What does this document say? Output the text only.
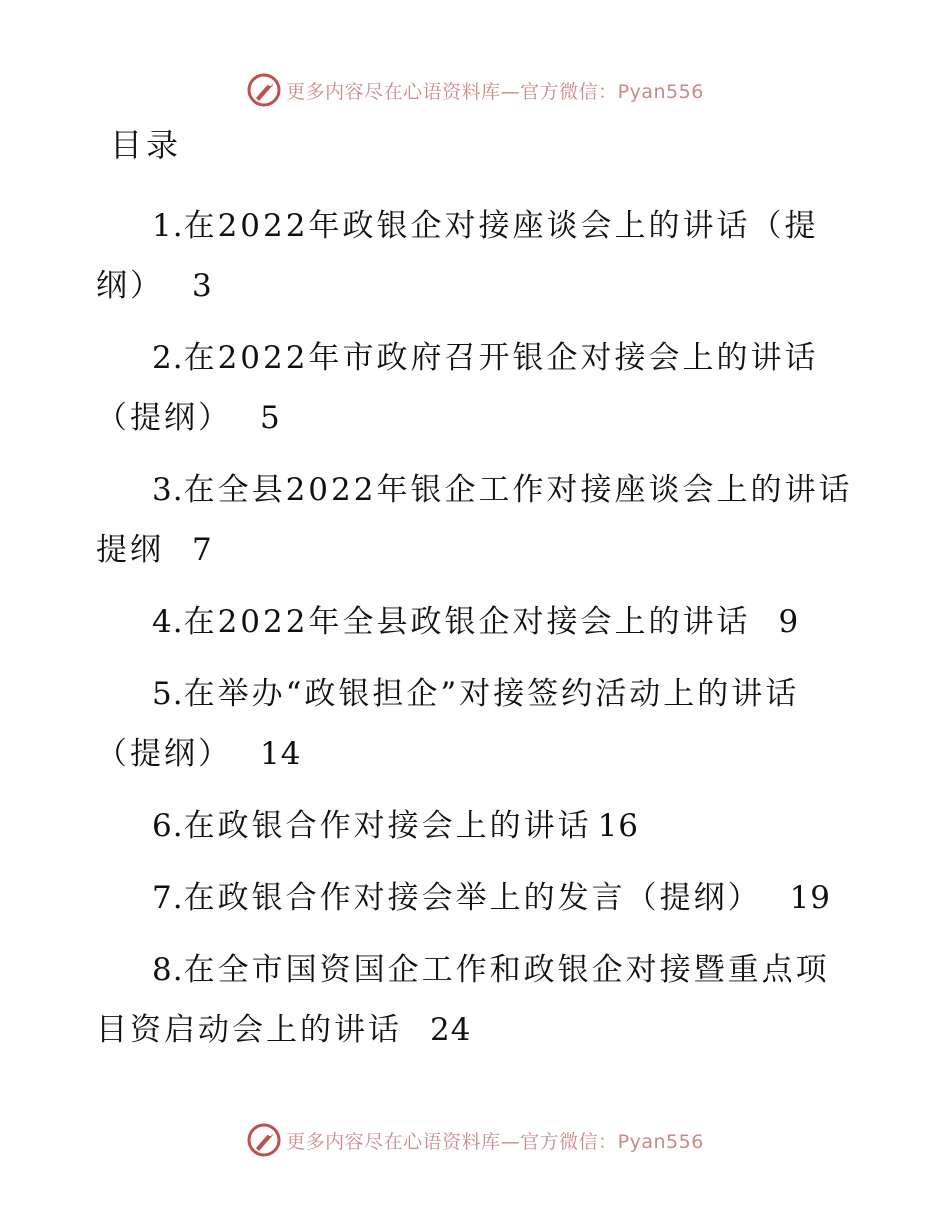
更多内容尽在心语资料库—官方微信：Pyan556
目录
1.在2022年政银企对接座谈会上的讲话（提纲） 3
2.在2022年市政府召开银企对接会上的讲话（提纲） 5
3.在全县2022年银企工作对接座谈会上的讲话提纲 7
4.在2022年全县政银企对接会上的讲话 9
5.在举办“政银担企”对接签约活动上的讲话（提纲） 14
6.在政银合作对接会上的讲话 16
7.在政银合作对接会举上的发言（提纲） 19
8.在全市国资国企工作和政银企对接暨重点项目资启动会上的讲话 24
更多内容尽在心语资料库—官方微信：Pyan556
